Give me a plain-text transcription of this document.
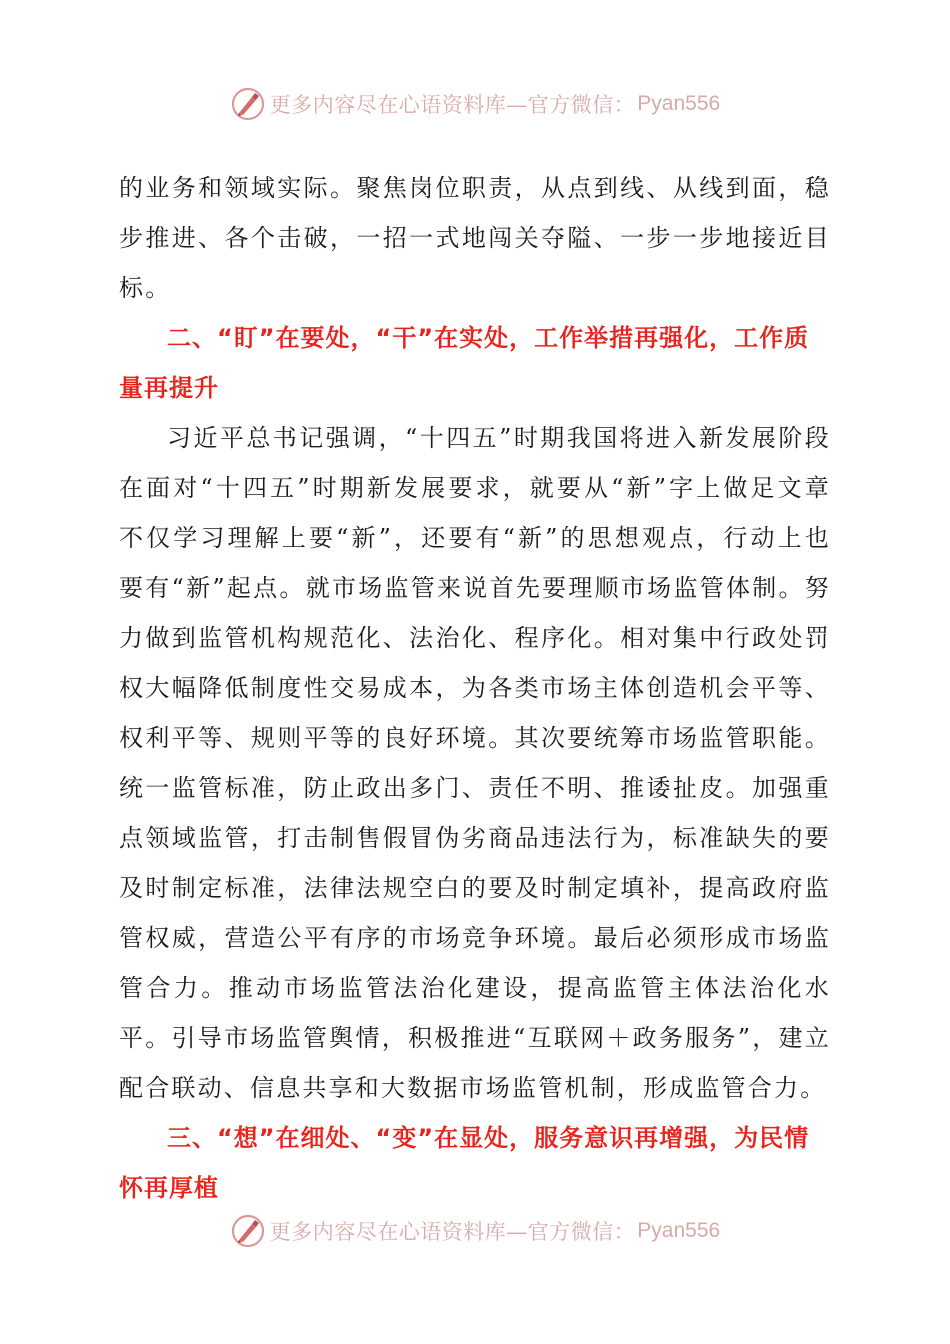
更多内容尽在心语资料库—官方微信： Pyan556

的业务和领域实际。聚焦岗位职责，从点到线、从线到面，稳步推进、各个击破，一招一式地闯关夺隘、一步一步地接近目标。

二、“盯”在要处，“干”在实处，工作举措再强化，工作质量再提升

习近平总书记强调，“十四五”时期我国将进入新发展阶段在面对“十四五”时期新发展要求，就要从“新”字上做足文章不仅学习理解上要“新”，还要有“新”的思想观点，行动上也要有“新”起点。就市场监管来说首先要理顺市场监管体制。努力做到监管机构规范化、法治化、程序化。相对集中行政处罚权大幅降低制度性交易成本，为各类市场主体创造机会平等、权利平等、规则平等的良好环境。其次要统筹市场监管职能。统一监管标准，防止政出多门、责任不明、推诿扯皮。加强重点领域监管，打击制售假冒伪劣商品违法行为，标准缺失的要及时制定标准，法律法规空白的要及时制定填补，提高政府监管权威，营造公平有序的市场竞争环境。最后必须形成市场监管合力。推动市场监管法治化建设，提高监管主体法治化水平。引导市场监管舆情，积极推进“互联网＋政务服务”，建立配合联动、信息共享和大数据市场监管机制，形成监管合力。

三、“想”在细处、“变”在显处，服务意识再增强，为民情怀再厚植

更多内容尽在心语资料库—官方微信： Pyan556
